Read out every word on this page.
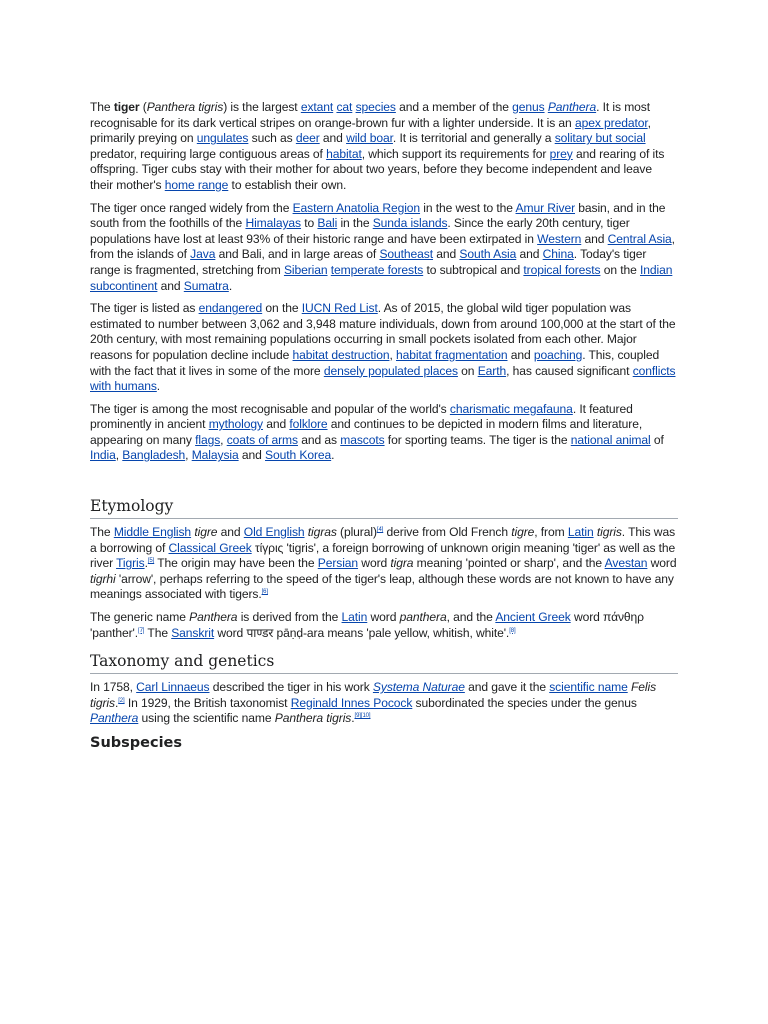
The tiger (Panthera tigris) is the largest extant cat species and a member of the genus Panthera. It is most recognisable for its dark vertical stripes on orange-brown fur with a lighter underside. It is an apex predator, primarily preying on ungulates such as deer and wild boar. It is territorial and generally a solitary but social predator, requiring large contiguous areas of habitat, which support its requirements for prey and rearing of its offspring. Tiger cubs stay with their mother for about two years, before they become independent and leave their mother's home range to establish their own.

The tiger once ranged widely from the Eastern Anatolia Region in the west to the Amur River basin, and in the south from the foothills of the Himalayas to Bali in the Sunda islands. Since the early 20th century, tiger populations have lost at least 93% of their historic range and have been extirpated in Western and Central Asia, from the islands of Java and Bali, and in large areas of Southeast and South Asia and China. Today's tiger range is fragmented, stretching from Siberian temperate forests to subtropical and tropical forests on the Indian subcontinent and Sumatra.

The tiger is listed as endangered on the IUCN Red List. As of 2015, the global wild tiger population was estimated to number between 3,062 and 3,948 mature individuals, down from around 100,000 at the start of the 20th century, with most remaining populations occurring in small pockets isolated from each other. Major reasons for population decline include habitat destruction, habitat fragmentation and poaching. This, coupled with the fact that it lives in some of the more densely populated places on Earth, has caused significant conflicts with humans.

The tiger is among the most recognisable and popular of the world's charismatic megafauna. It featured prominently in ancient mythology and folklore and continues to be depicted in modern films and literature, appearing on many flags, coats of arms and as mascots for sporting teams. The tiger is the national animal of India, Bangladesh, Malaysia and South Korea.

Etymology

The Middle English tigre and Old English tigras (plural)[4] derive from Old French tigre, from Latin tigris. This was a borrowing of Classical Greek τίγρις 'tigris', a foreign borrowing of unknown origin meaning 'tiger' as well as the river Tigris.[5] The origin may have been the Persian word tigra meaning 'pointed or sharp', and the Avestan word tigrhi 'arrow', perhaps referring to the speed of the tiger's leap, although these words are not known to have any meanings associated with tigers.[6]

The generic name Panthera is derived from the Latin word panthera, and the Ancient Greek word πάνθηρ 'panther'.[7] The Sanskrit word पाण्डर pāṇḍ-ara means 'pale yellow, whitish, white'.[8]

Taxonomy and genetics

In 1758, Carl Linnaeus described the tiger in his work Systema Naturae and gave it the scientific name Felis tigris.[2] In 1929, the British taxonomist Reginald Innes Pocock subordinated the species under the genus Panthera using the scientific name Panthera tigris.[9][10]

Subspecies
